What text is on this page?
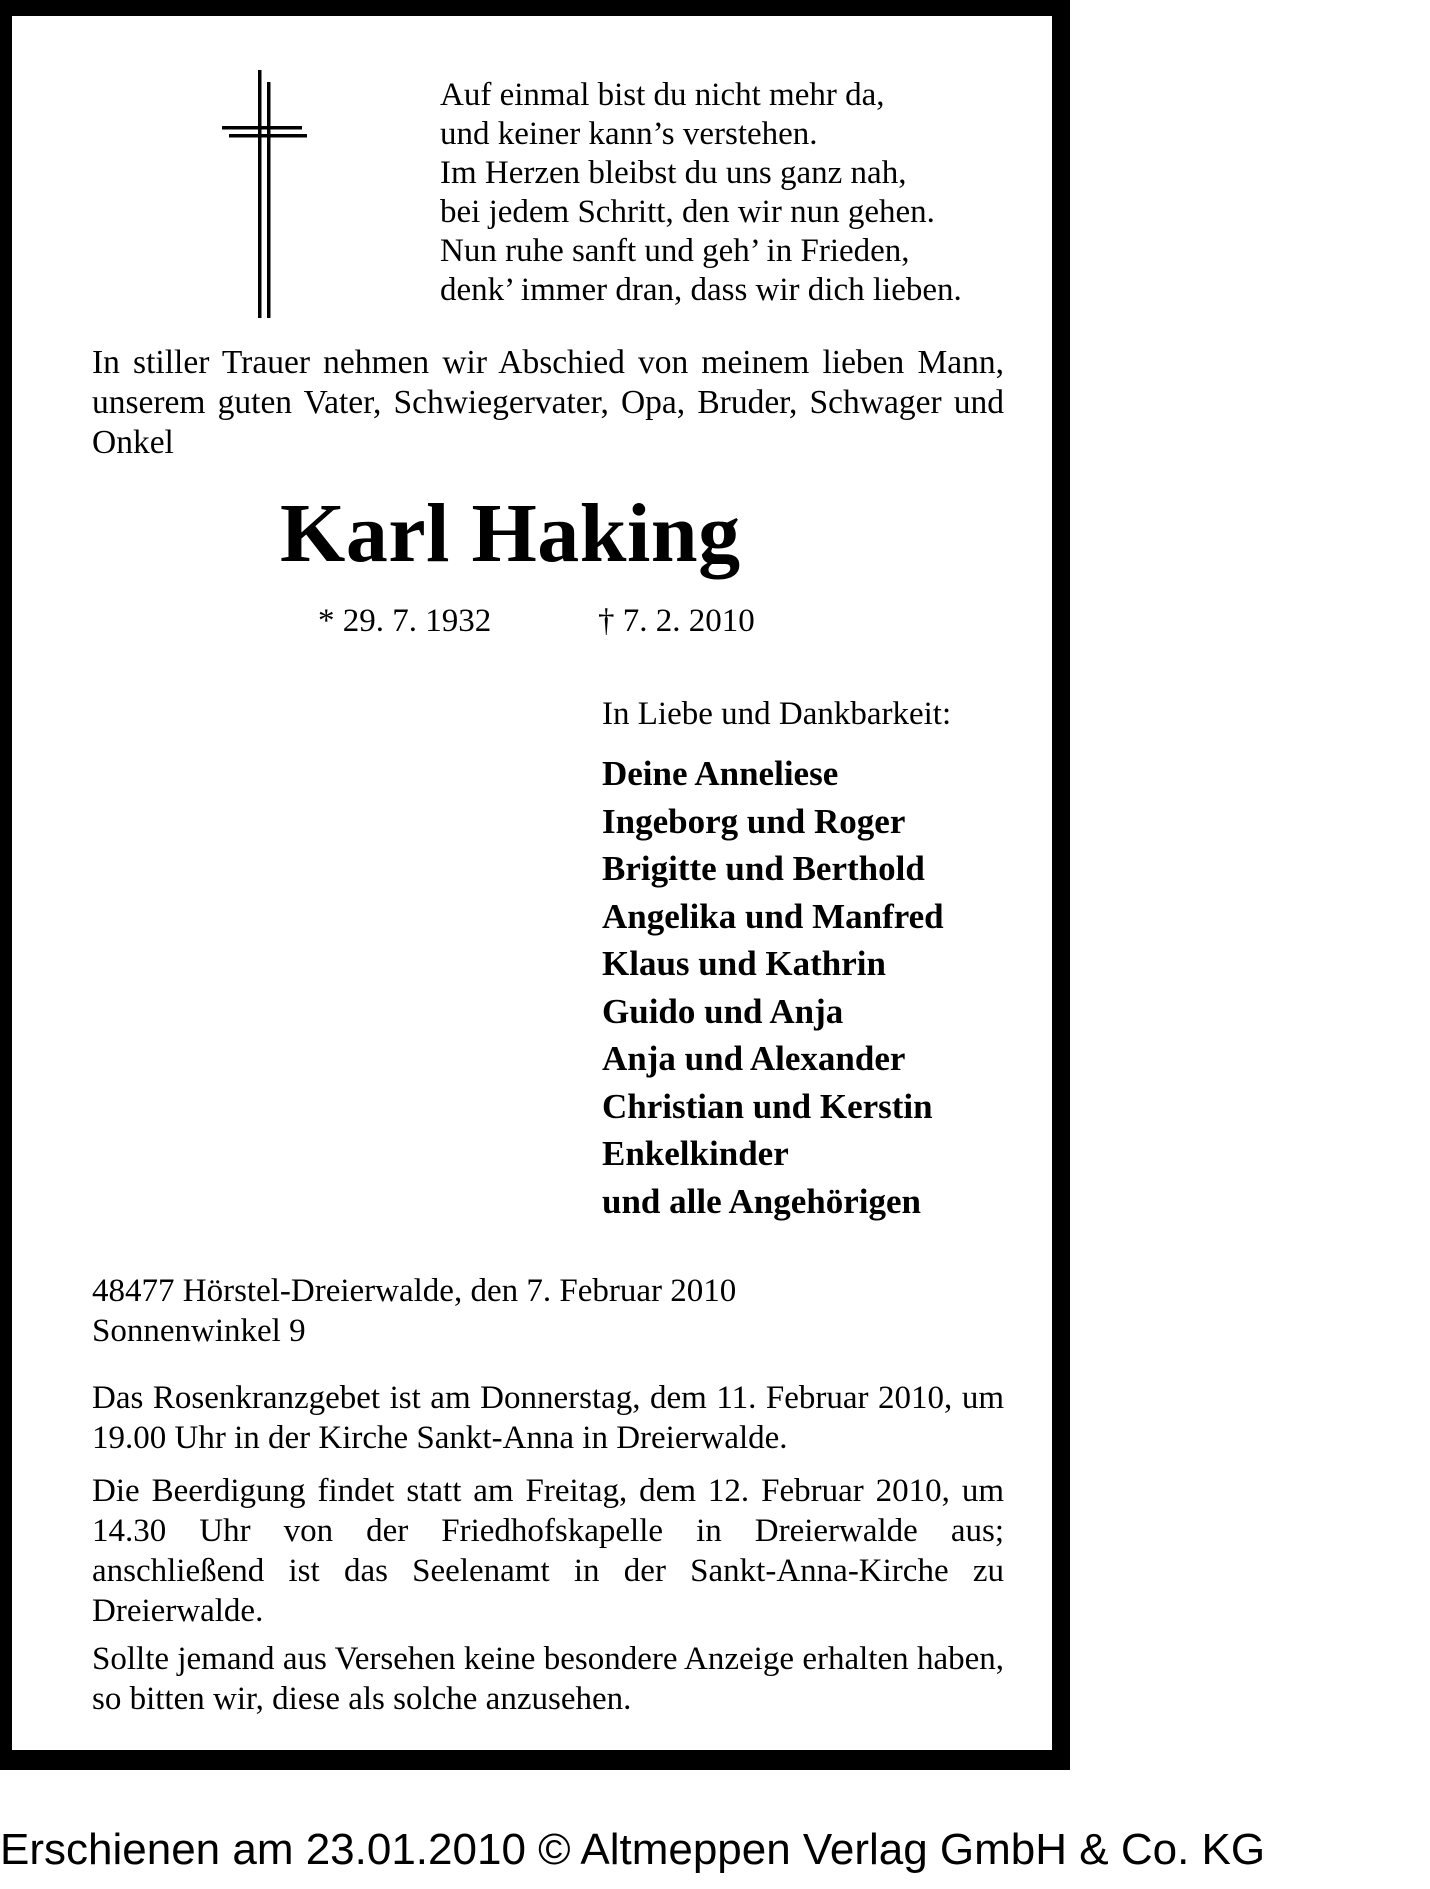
Auf einmal bist du nicht mehr da,
und keiner kann’s verstehen.
Im Herzen bleibst du uns ganz nah,
bei jedem Schritt, den wir nun gehen.
Nun ruhe sanft und geh’ in Frieden,
denk’ immer dran, dass wir dich lieben.
In stiller Trauer nehmen wir Abschied von meinem lieben Mann, unserem guten Vater, Schwiegervater, Opa, Bruder, Schwager und Onkel
Karl Haking
* 29. 7. 1932	† 7. 2. 2010
In Liebe und Dankbarkeit:
Deine Anneliese
Ingeborg und Roger
Brigitte und Berthold
Angelika und Manfred
Klaus und Kathrin
Guido und Anja
Anja und Alexander
Christian und Kerstin
Enkelkinder
und alle Angehörigen
48477 Hörstel-Dreierwalde, den 7. Februar 2010
Sonnenwinkel 9
Das Rosenkranzgebet ist am Donnerstag, dem 11. Februar 2010, um 19.00 Uhr in der Kirche Sankt-Anna in Dreierwalde.
Die Beerdigung findet statt am Freitag, dem 12. Februar 2010, um 14.30 Uhr von der Friedhofskapelle in Dreierwalde aus; anschließend ist das Seelenamt in der Sankt-Anna-Kirche zu Dreierwalde.
Sollte jemand aus Versehen keine besondere Anzeige erhalten haben, so bitten wir, diese als solche anzusehen.
Erschienen am 23.01.2010 © Altmeppen Verlag GmbH & Co. KG
